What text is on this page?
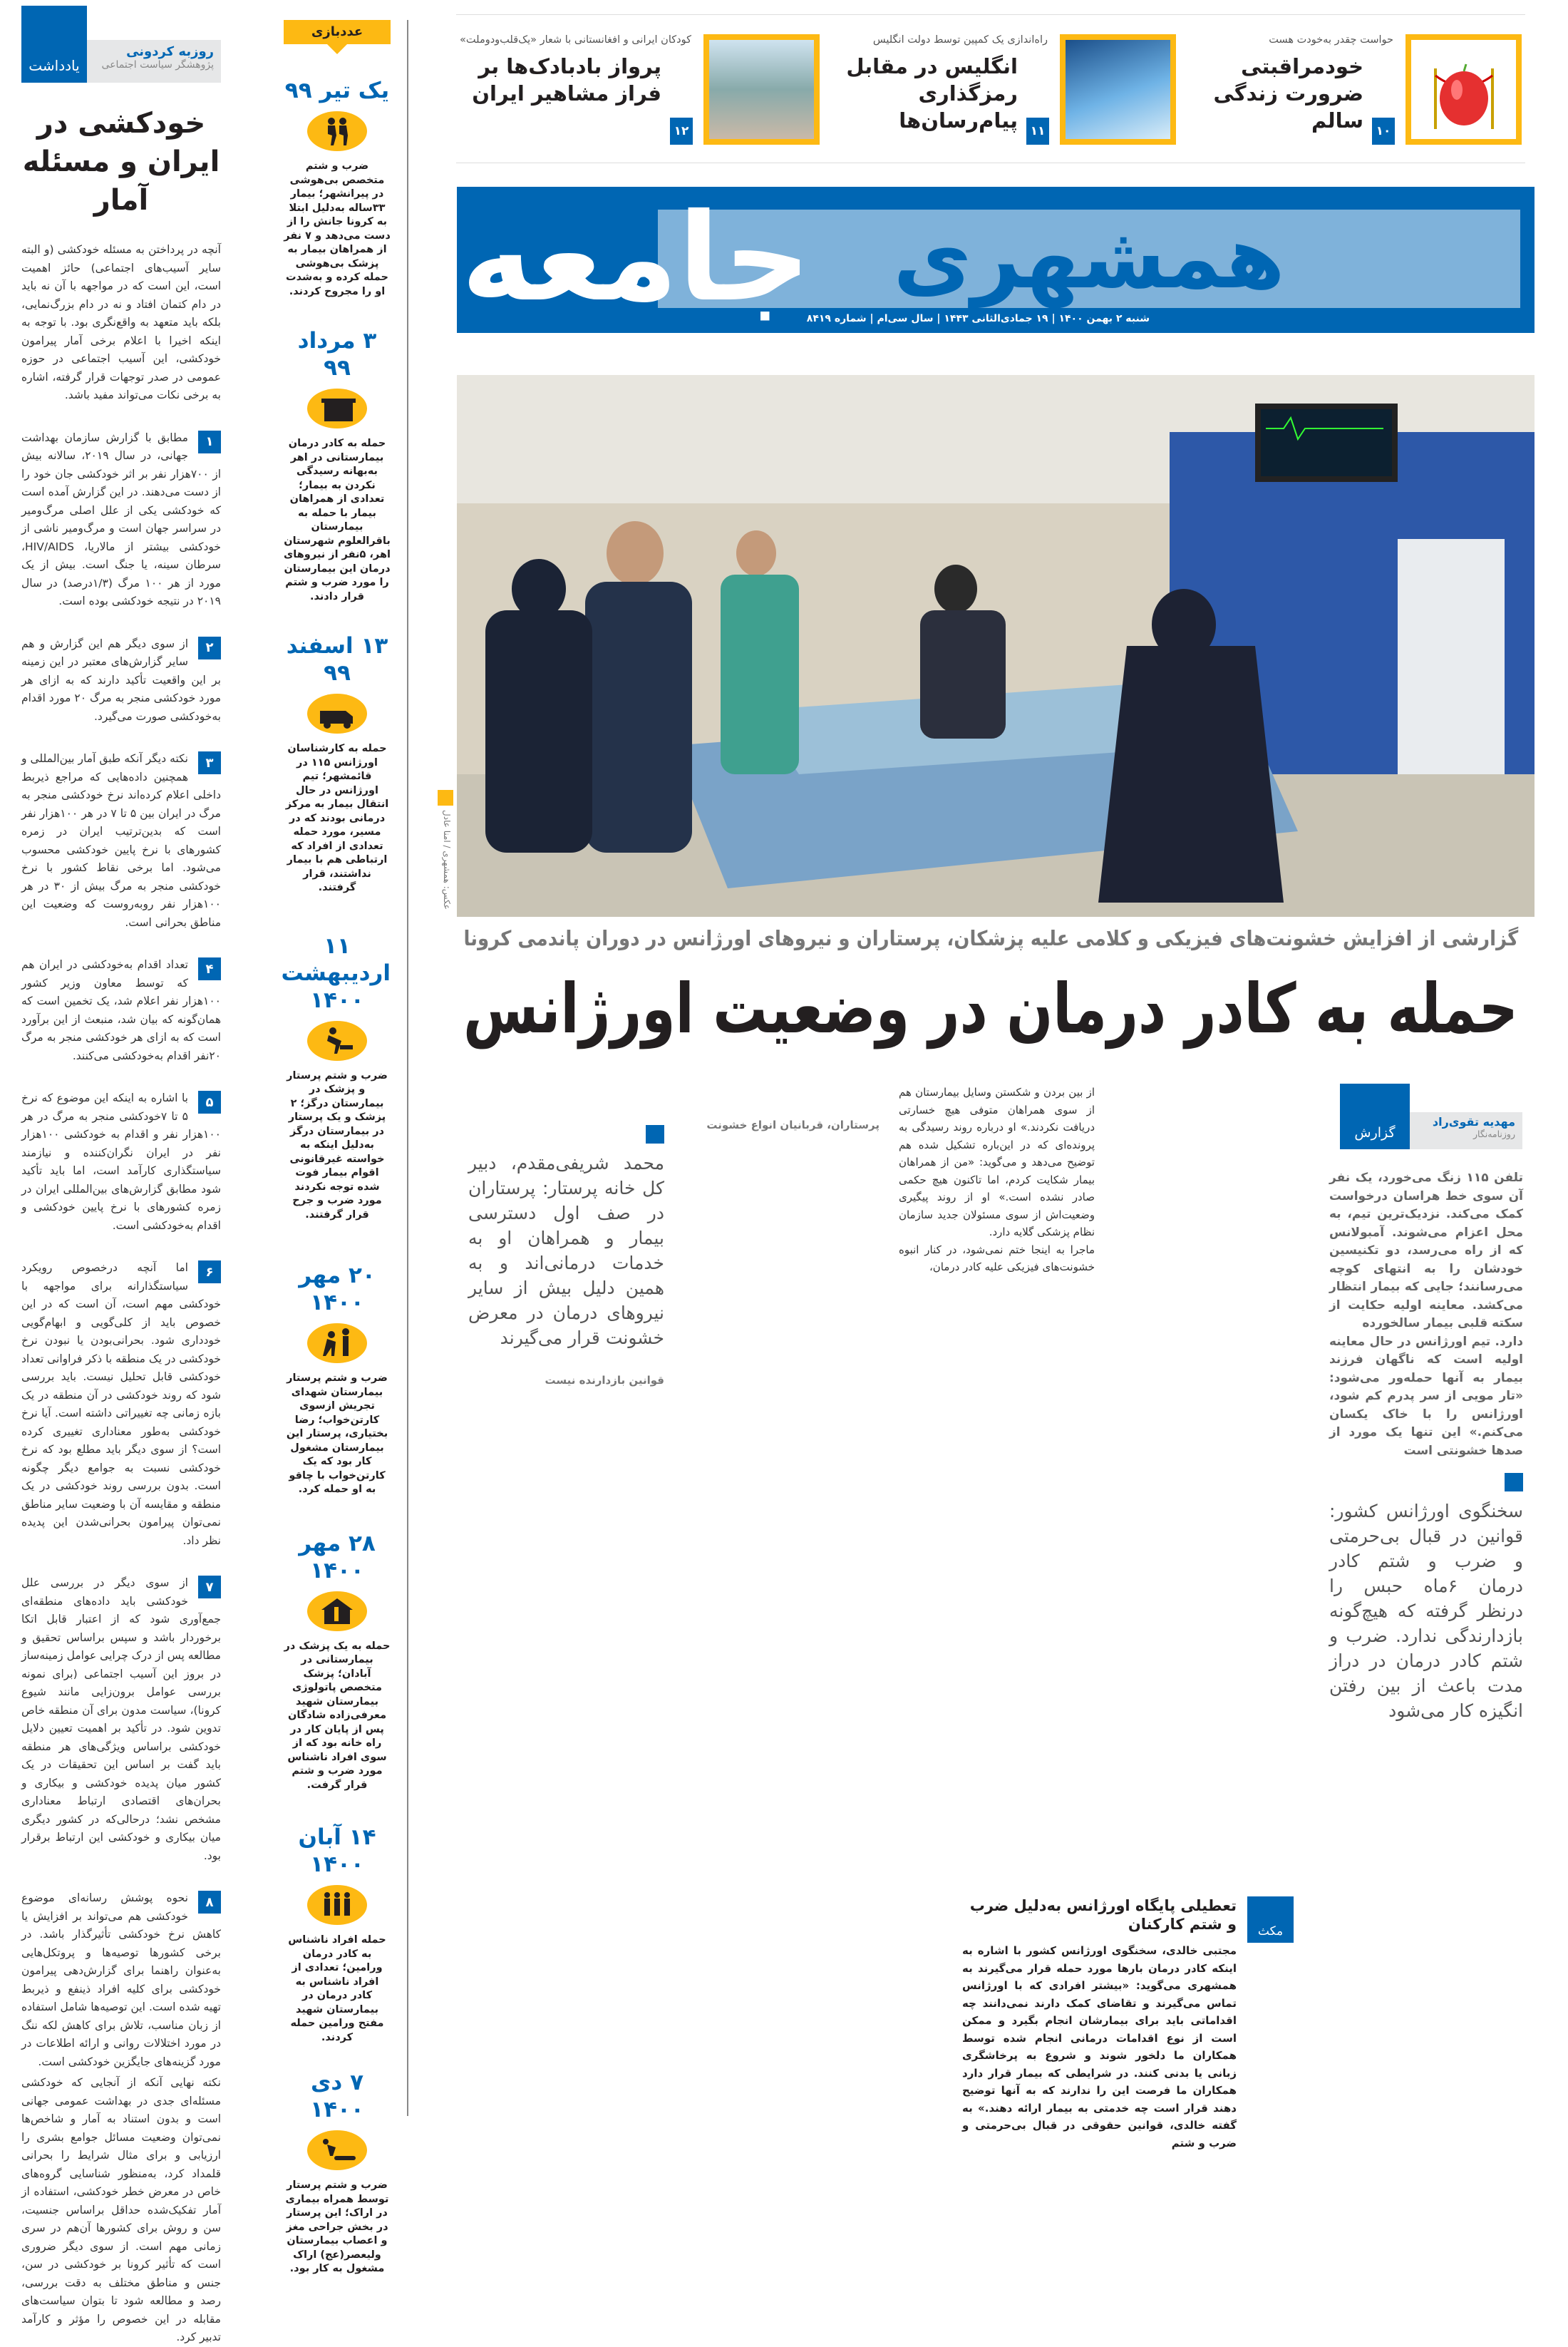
حواست چقدر به‌خودت هست
خودمراقبتی ضرورت زندگی سالم	۱۰
راه‌اندازی یک کمپین توسط دولت انگلیس
انگلیس در مقابل رمزگذاری پیام‌رسان‌ها	۱۱
کودکان ایرانی و افغانستانی با شعار «یک‌قلب‌ودوملت»
پرواز بادبادک‌ها بر فراز مشاهیر ایران
۱۲
همشهری
جامعه
شنبه ۲ بهمن ۱۴۰۰ | ۱۹ جمادی‌الثانی ۱۴۴۳ | سال سی‌ام | شماره ۸۴۱۹
عکس: همشهری / امنا عادل
گزارشی از افزایش خشونت‌های فیزیکی و کلامی علیه پزشکان، پرستاران و نیروهای اورژانس در دوران پاندمی کرونا
حمله به کادر درمان در وضعیت اورژانس
مهدیه تقوی‌راد
روزنامه‌نگار
گزارش

تلفن ۱۱۵ زنگ می‌خورد، یک نفر آن سوی خط هراسان درخواست کمک می‌کند. نزدیک‌ترین تیم، به محل اعزام می‌شوند. آمبولانس که از راه می‌رسد، دو تکنیسین خودشان را به انتهای کوچه می‌رسانند؛ جایی که بیمار انتظار می‌کشد. معاینه اولیه حکایت از سکته قلبی بیمار سالخورده

دارد. تیم اورژانس در حال معاینه اولیه است که ناگهان فرزند بیمار به آنها حمله‌ور می‌شود: «تار مویی از سر پدرم کم شود، اورژانس را با خاک یکسان می‌کنم.» این تنها یک مورد از صدها خشونتی است

سخنگوی اورژانس کشور: قوانین در قبال بی‌حرمتی و ضرب و شتم کادر درمان ۶ماه حبس را درنظر گرفته که هیچ‌گونه بازدارندگی ندارد. ضرب و شتم کادر درمان در دراز مدت باعث از بین رفتن انگیزه کار می‌شود

از بین بردن و شکستن وسایل بیمارستان هم از سوی همراهان متوفی هیچ خسارتی دریافت نکردند.» او درباره روند رسیدگی به پرونده‌ای که در این‌باره تشکیل شده هم توضیح می‌دهد و می‌گوید: «من از همراهان بیمار شکایت کردم، اما تاکنون هیچ حکمی صادر نشده است.» او از روند پیگیری وضعیت‌اش از سوی مسئولان جدید سازمان نظام پزشکی گلایه دارد.

ماجرا به اینجا ختم نمی‌شود، در کنار انبوه خشونت‌های فیزیکی علیه کادر درمان،

پرستاران، قربانیان انواع خشونت

محمد شریفی‌مقدم، دبیر کل خانه پرستار: پرستاران در صف اول دسترسی بیمار و همراهان او به خدمات درمانی‌اند و به همین دلیل بیش از سایر نیروهای درمان در معرض خشونت قرار می‌گیرند

قوانین بازدارنده نیست
مکث
تعطیلی پایگاه اورژانس به‌دلیل ضرب و شتم کارکنان
مجتبی خالدی، سخنگوی اورژانس کشور با اشاره به اینکه کادر درمان بارها مورد حمله قرار می‌گیرند به همشهری می‌گوید: «بیشتر افرادی که با اورژانس تماس می‌گیرند و تقاضای کمک دارند نمی‌دانند چه اقداماتی باید برای بیمارشان انجام بگیرد و ممکن است از نوع اقدامات درمانی انجام شده توسط همکاران ما دلخور شوند و شروع به پرخاشگری زبانی یا بدنی کنند. در شرایطی که بیمار قرار دارد همکاران ما فرصت این را ندارند که به آنها توضیح دهند قرار است چه خدمتی به بیمار ارائه دهند.» به گفته خالدی، قوانین حقوقی در قبال بی‌حرمتی و ضرب و شتم
عددبازی
یک تیر ۹۹
ضرب و شتم متخصص بی‌هوشی در پیرانشهر؛ بیمار ۳۳ساله به‌دلیل ابتلا به کرونا جانش را از دست می‌دهد و ۷ نفر از همراهان بیمار به پزشک بی‌هوشی حمله کرده و به‌شدت او را مجروح کردند.
۳ مرداد ۹۹
حمله به کادر درمان بیمارستانی در اهر به‌بهانه رسیدگی نکردن به بیمار؛ تعدادی از همراهان بیمار با حمله به بیمارستان باقرالعلوم شهرستان اهر، ۵نفر از نیروهای درمان این بیمارستان را مورد ضرب و شتم قرار دادند.
۱۳ اسفند ۹۹
حمله به کارشناسان اورژانس ۱۱۵ در قائمشهر؛ تیم اورژانس در حال انتقال بیمار به مرکز درمانی بودند که در مسیر، مورد حمله تعدادی از افراد که ارتباطی هم با بیمار نداشتند، قرار گرفتند.
۱۱ اردیبهشت ۱۴۰۰
ضرب و شتم پرستار و پزشک در بیمارستان درگز؛ ۲ پزشک و یک پرستار در بیمارستان درگز به‌دلیل اینکه به خواسته غیرقانونی اقوام بیمار فوت شده توجه نکردند مورد ضرب و جرح قرار گرفتند.
۲۰ مهر ۱۴۰۰
ضرب و شتم پرستار بیمارستان شهدای تجریش ازسوی کارتن‌خواب؛ رضا بختیاری، پرستار این بیمارستان مشغول کار بود که یک کارتن‌خواب با چاقو به او حمله کرد.
۲۸ مهر ۱۴۰۰
حمله به یک پزشک در بیمارستانی در آبادان؛ پزشک متخصص پاتولوژی بیمارستان شهید معرفی‌زاده شادگان پس از پایان کار در راه خانه بود که از سوی افراد ناشناس مورد ضرب و شتم قرار گرفت.
۱۴ آبان ۱۴۰۰
حمله افراد ناشناس به کادر درمان ورامین؛ تعدادی از افراد ناشناس به کادر درمان در بیمارستان شهید مفتح ورامین حمله کردند.
۷ دی ۱۴۰۰
ضرب و شتم پرستار توسط همراه بیماری در اراک؛ این پرستار در بخش جراحی مغز و اعصاب بیمارستان ولیعصر(عج) اراک مشغول به کار بود.
روزبه کردونی
پژوهشگر سیاست اجتماعی
یادداشت
خودکشی در ایران و مسئله آمار

آنچه در پرداختن به مسئله خودکشی (و البته سایر آسیب‌های اجتماعی) حائز اهمیت است، این است که در مواجهه با آن نه باید در دام کتمان افتاد و نه در دام بزرگ‌نمایی، بلکه باید متعهد به واقع‌نگری بود. با توجه به اینکه اخیرا با اعلام برخی آمار پیرامون خودکشی، این آسیب اجتماعی در حوزه عمومی در صدر توجهات قرار گرفته، اشاره به برخی نکات می‌تواند مفید باشد.

۱

مطابق با گزارش سازمان بهداشت جهانی، در سال ۲۰۱۹، سالانه بیش از ۷۰۰هزار نفر بر اثر خودکشی جان خود را از دست می‌دهند. در این گزارش آمده است که خودکشی یکی از علل اصلی مرگ‌ومیر در سراسر جهان است و مرگ‌ومیر ناشی از خودکشی بیشتر از مالاریا، HIV/AIDS، سرطان سینه، یا جنگ است. بیش از یک مورد از هر ۱۰۰ مرگ (۱/۳درصد) در سال ۲۰۱۹ در نتیجه خودکشی بوده است.

۲

از سوی دیگر هم این گزارش و هم سایر گزارش‌های معتبر در این زمینه بر این واقعیت تأکید دارند که به ازای هر مورد خودکشی منجر به مرگ ۲۰ مورد اقدام به‌خودکشی صورت می‌گیرد.

۳

نکته دیگر آنکه طبق آمار بین‌المللی و همچنین داده‌هایی که مراجع ذیربط داخلی اعلام کرده‌اند نرخ خودکشی منجر به مرگ در ایران بین ۵ تا ۷ در هر ۱۰۰هزار نفر است که بدین‌ترتیب ایران در زمره کشورهای با نرخ پایین خودکشی محسوب می‌شود. اما برخی نقاط کشور با نرخ خودکشی منجر به مرگ بیش از ۳۰ در هر ۱۰۰هزار نفر روبه‌روست که وضعیت این مناطق بحرانی است.

۴

تعداد اقدام به‌خودکشی در ایران هم که توسط معاون وزیر کشور ۱۰۰هزار نفر اعلام شد، یک تخمین است که همان‌گونه که بیان شد، منبعث از این برآورد است که به ازای هر خودکشی منجر به مرگ ۲۰نفر اقدام به‌خودکشی می‌کنند.

۵

با اشاره به اینکه این موضوع که نرخ ۵ تا ۷خودکشی منجر به مرگ در هر ۱۰۰هزار نفر و اقدام به خودکشی ۱۰۰هزار نفر در ایران نگران‌کننده و نیازمند سیاستگذاری کارآمد است، اما باید تأکید شود مطابق گزارش‌های بین‌المللی ایران در زمره کشورهای با نرخ پایین خودکشی و اقدام به‌خودکشی است.

۶

اما آنچه درخصوص رویکرد سیاستگذارانه برای مواجهه با خودکشی مهم است، آن است که در این خصوص باید از کلی‌گویی و ابهام‌گویی خودداری شود. بحرانی‌بودن یا نبودن نرخ خودکشی در یک منطقه با ذکر فراوانی تعداد خودکشی قابل تحلیل نیست. باید بررسی شود که روند خودکشی در آن منطقه در یک بازه زمانی چه تغییراتی داشته است. آیا نرخ خودکشی به‌طور معناداری تغییری کرده است؟ از سوی دیگر باید مطلع بود که نرخ خودکشی نسبت به جوامع دیگر چگونه است. بدون بررسی روند خودکشی در یک منطقه و مقایسه آن با وضعیت سایر مناطق نمی‌توان پیرامون بحرانی‌شدن این پدیده نظر داد.

۷

از سوی دیگر در بررسی علل خودکشی باید داده‌های منطقه‌ای جمع‌آوری شود که از اعتبار قابل اتکا برخوردار باشد و سپس براساس تحقیق و مطالعه پس از درک چرایی عوامل زمینه‌ساز در بروز این آسیب اجتماعی (برای نمونه بررسی عوامل برون‌زایی مانند شیوع کرونا)، سیاست مدون برای آن منطقه خاص تدوین شود. در تأکید بر اهمیت تعیین دلایل خودکشی براساس ویژگی‌های هر منطقه باید گفت بر اساس این تحقیقات در یک کشور میان پدیده خودکشی و بیکاری و بحران‌های اقتصادی ارتباط معناداری مشخص نشد؛ درحالی‌که در کشور دیگری میان بیکاری و خودکشی این ارتباط برقرار بود.

۸

نحوه پوشش رسانه‌ای موضوع خودکشی هم می‌تواند بر افزایش یا کاهش نرخ خودکشی تأثیرگذار باشد. در برخی کشورها توصیه‌ها و پروتکل‌هایی به‌عنوان راهنما برای گزارش‌دهی پیرامون خودکشی برای کلیه افراد ذینفع و ذیربط تهیه شده است. این توصیه‌ها شامل استفاده از زبان مناسب، تلاش برای کاهش لکه ننگ در مورد اختلالات روانی و ارائه اطلاعات در مورد گزینه‌های جایگزین خودکشی است.

نکته نهایی آنکه از آنجایی که خودکشی مسئله‌ای جدی در بهداشت عمومی جهانی است و بدون استناد به آمار و شاخص‌ها نمی‌توان وضعیت مسائل جوامع بشری را ارزیابی و برای مثال شرایط را بحرانی قلمداد کرد، به‌منظور شناسایی گروه‌های خاص در معرض خطر خودکشی، استفاده از آمار تفکیک‌شده حداقل براساس جنسیت، سن و روش برای کشورها آن‌هم در سری زمانی مهم است. از سوی دیگر ضروری است که تأثیر کرونا بر خودکشی در سن، جنس و مناطق مختلف به دقت بررسی، رصد و مطالعه شود تا بتوان سیاست‌های مقابله در این خصوص را مؤثر و کارآمد تدبیر کرد.
